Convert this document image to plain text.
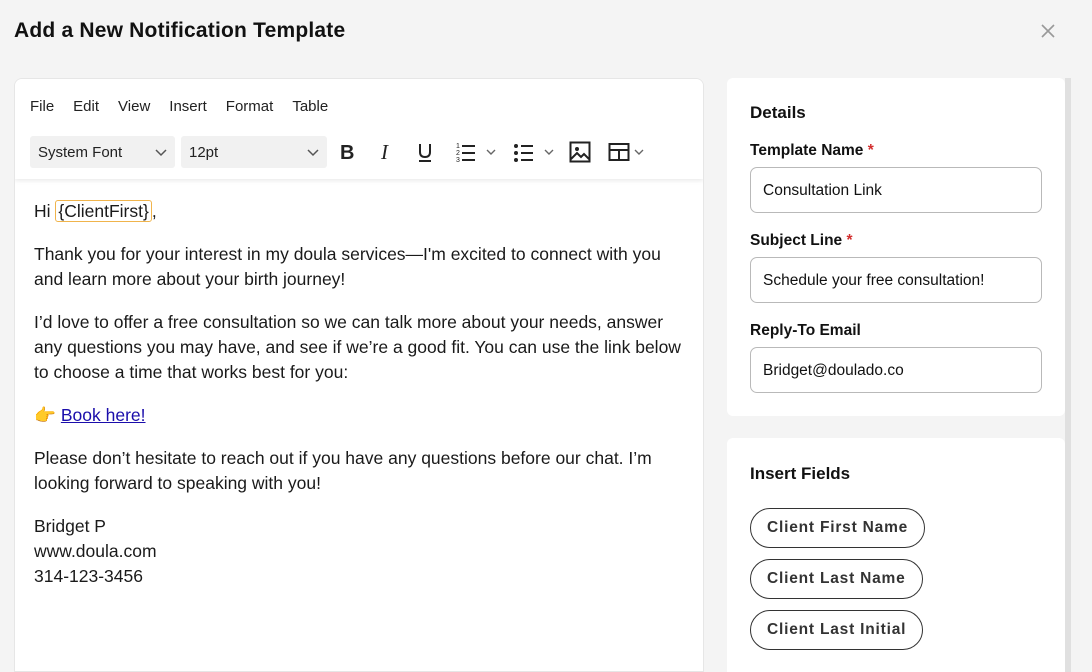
Add a New Notification Template
File Edit View Insert Format Table
System Font	12pt	B I	1
2
3

Hi {ClientFirst} ,

Thank you for your interest in my doula services—I'm excited to connect with you and learn more about your birth journey!

I’d love to offer a free consultation so we can talk more about your needs, answer any questions you may have, and see if we’re a good fit. You can use the link below to choose a time that works best for you:

👉 Book here!

Please don’t hesitate to reach out if you have any questions before our chat. I’m looking forward to speaking with you!

Bridget P
www.doula.com
314-123-3456
Details
Template Name *
Consultation Link
Subject Line *
Schedule your free consultation!
Reply-To Email
Bridget@doulado.co
Insert Fields
Client First Name
Client Last Name
Client Last Initial
